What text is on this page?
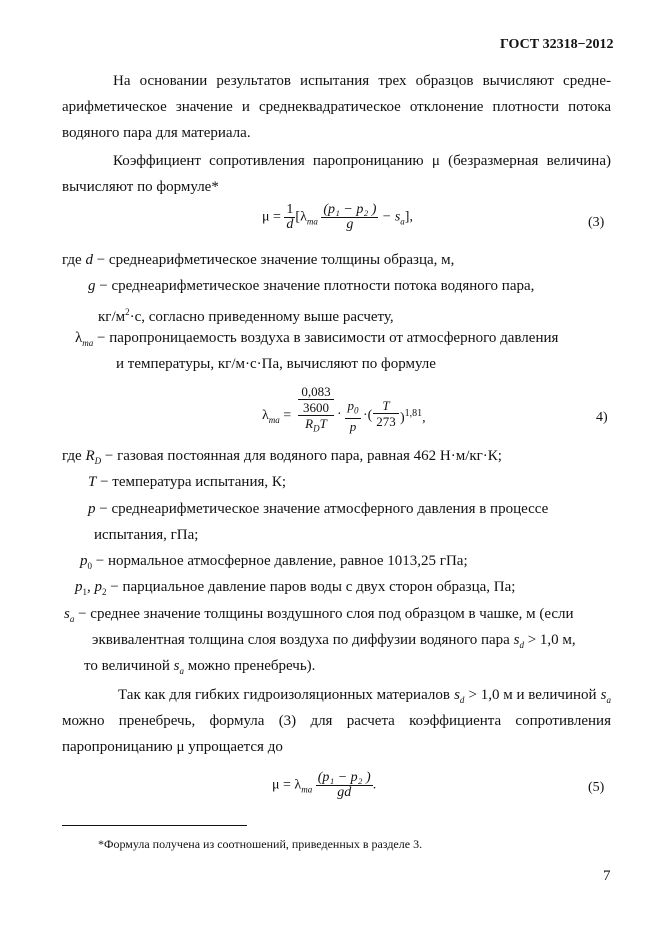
ГОСТ 32318−2012
На основании результатов испытания трех образцов вычисляют средне-
арифметическое значение и среднеквадратическое отклонение плотности потока
водяного пара для материала.
Коэффициент сопротивления паропроницанию μ (безразмерная величина)
вычисляют по формуле*
$\mu = \frac{1}{d} [\lambda_{ma} \frac{\text{(p₁ − p₂ )}}{g} - s_a]$,	(3)
где d − среднеарифметическое значение толщины образца, м,
g − среднеарифметическое значение плотности потока водяного пара,
$кг/м^2\cdot с$, согласно приведенному выше расчету,
$\lambda_{ma}$ − паропроницаемость воздуха в зависимости от атмосферного давления
и температуры, кг/м·с·Па, вычисляют по формуле
$\lambda_{ma}$ =
0,083
3600
$R_DT$
·
$p_0$
p
·(
T
273 )$^{1,81}$,	4)
где $R_D$ − газовая постоянная для водяного пара, равная 462 Н·м/кг·К;
T − температура испытания, К;
p − среднеарифметическое значение атмосферного давления в процессе
испытания, гПа;
$p_0$ − нормальное атмосферное давление, равное 1013,25 гПа;
$p_1$, $p_2$ − парциальное давление паров воды с двух сторон образца, Па;
$s_a$ − среднее значение толщины воздушного слоя под образцом в чашке, м (если
эквивалентная толщина слоя воздуха по диффузии водяного пара $s_d > 1,0$ м,
то величиной $s_a$ можно пренебречь).
Так как для гибких гидроизоляционных материалов $s_d > 1,0$ м и величиной $s_a$
можно пренебречь, формула (3) для расчета коэффициента сопротивления
паропроницанию μ упрощается до
$\mu = \lambda_{ma} \frac{\text{(p₁ − p₂ )}}{gd}$ .	(5)
*Формула получена из соотношений, приведенных в разделе 3.
7
